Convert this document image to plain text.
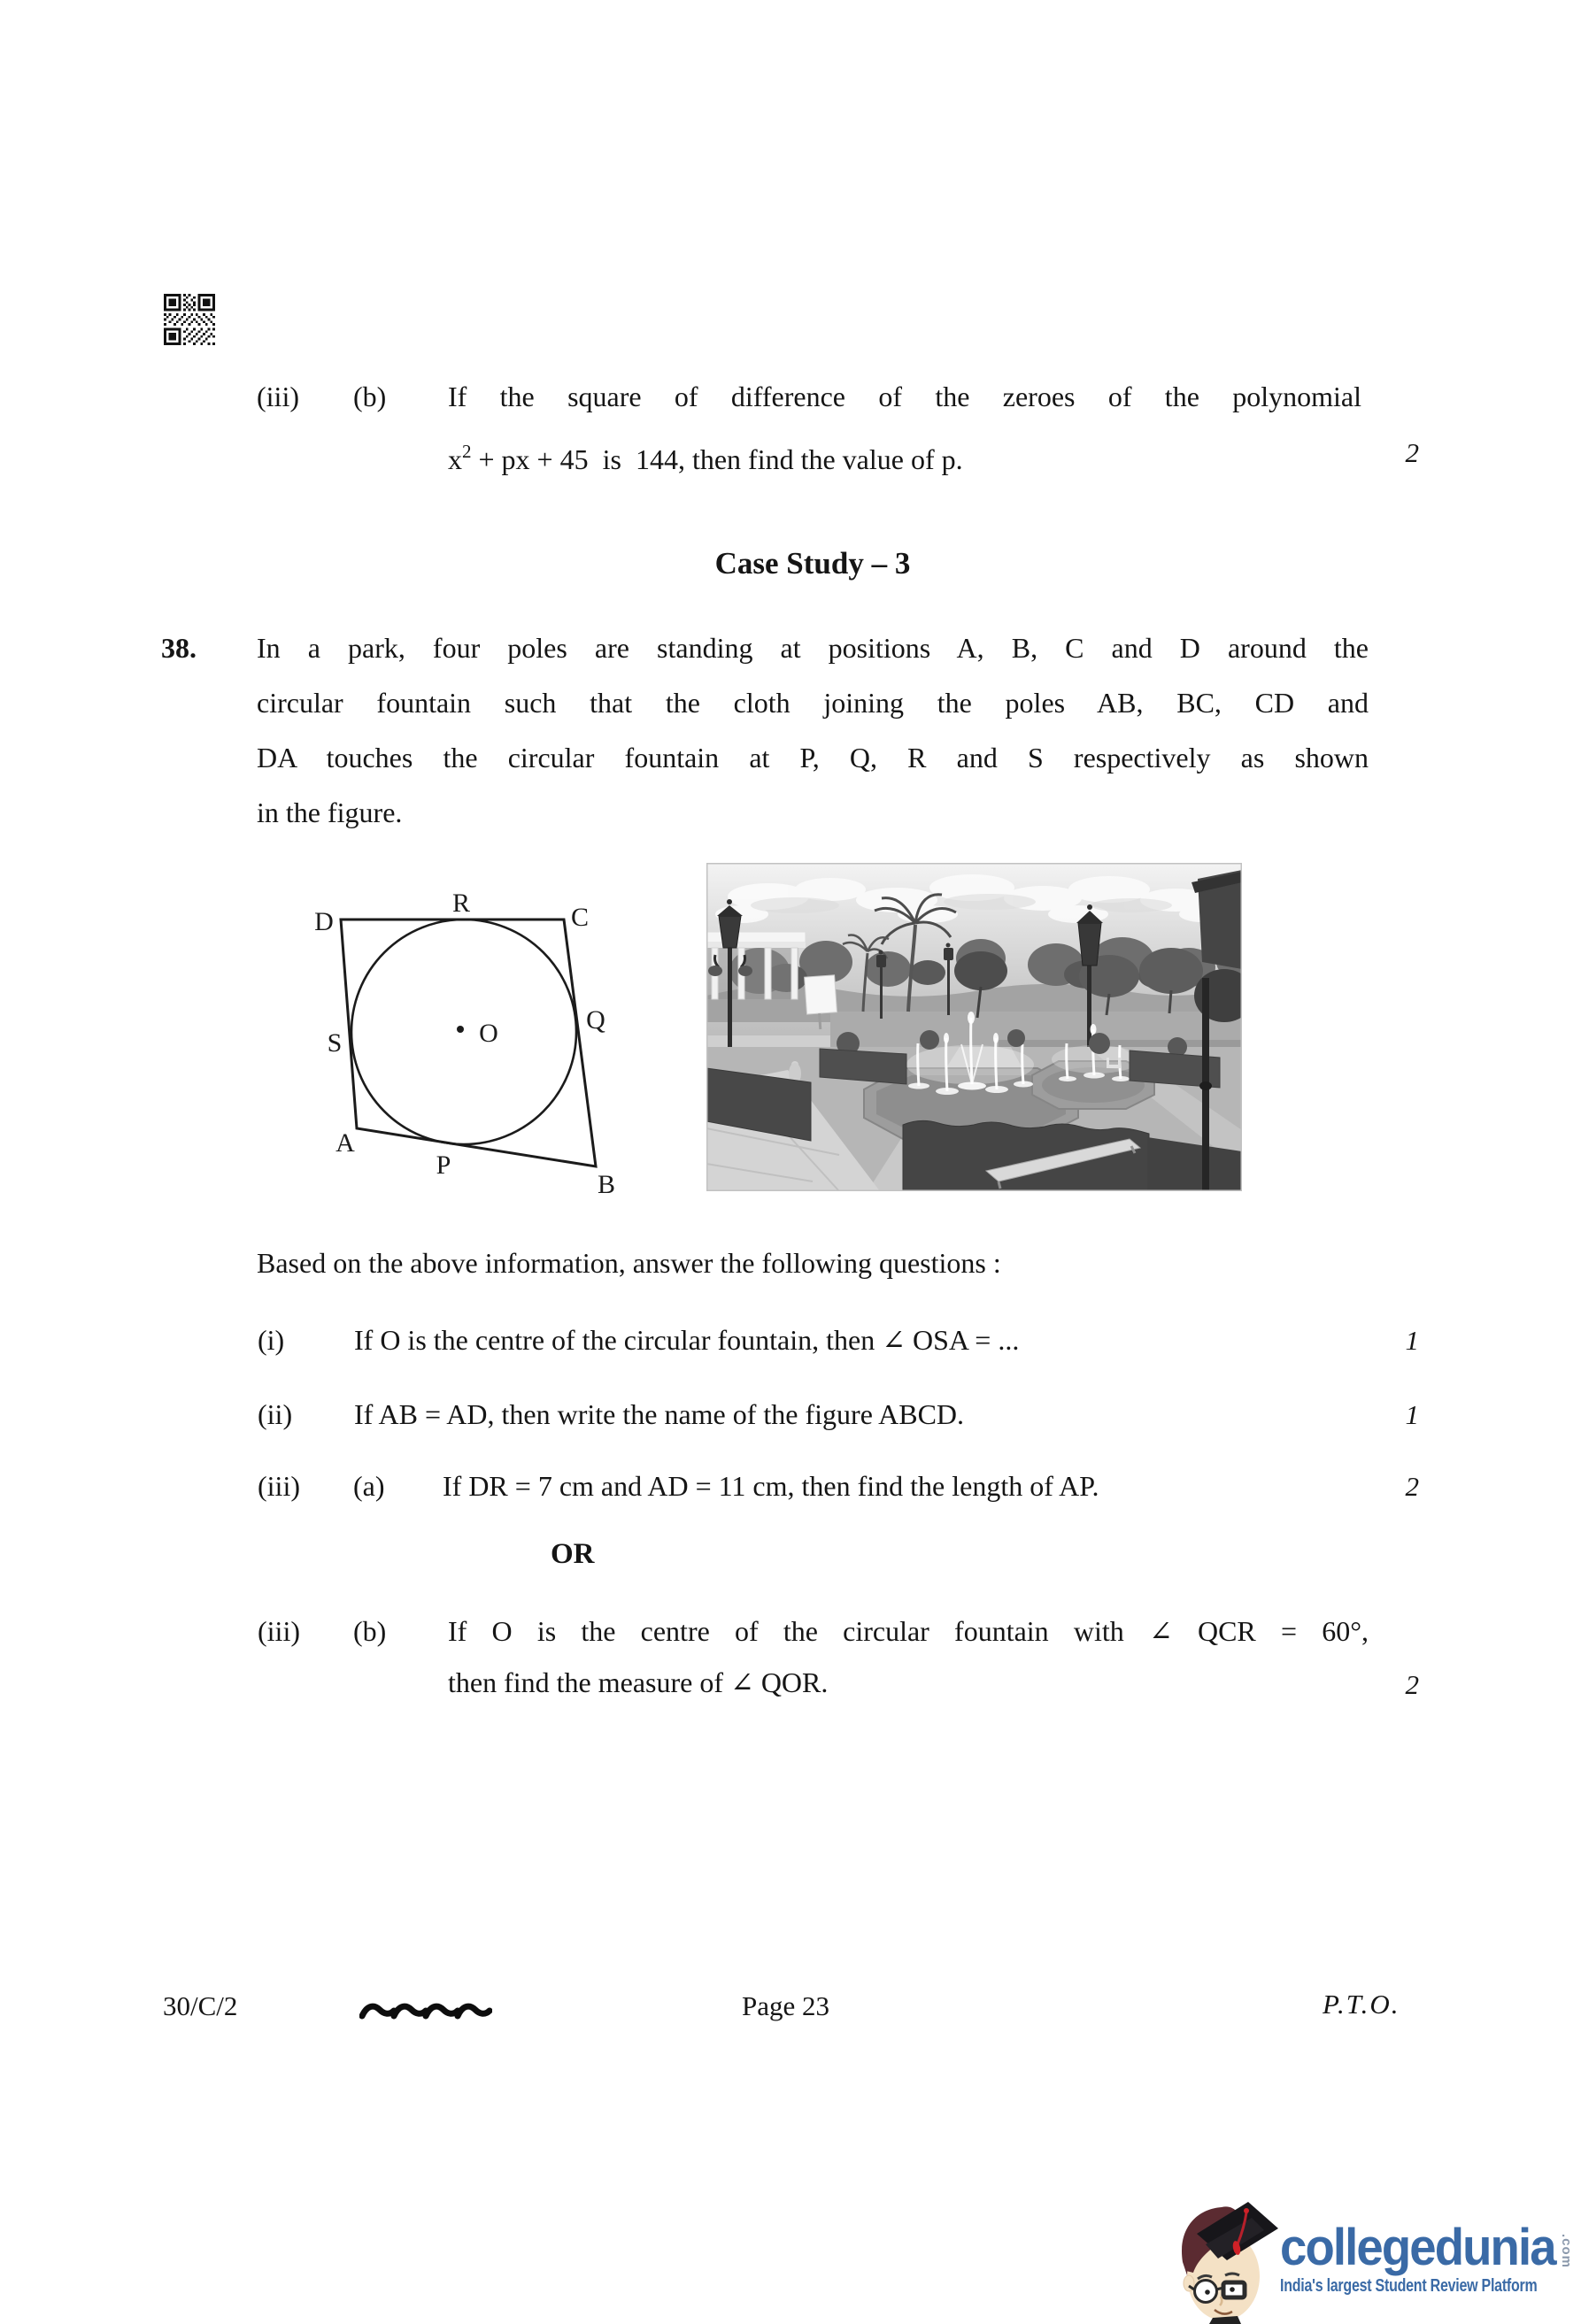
(iii) (b) If the square of difference of the zeroes of the polynomial
$x^2$ + px + 45  is  144, then find the value of p.	2
Case Study – 3
38. In a park, four poles are standing at positions A, B, C and D around the
circular fountain such that the cloth joining the poles AB, BC, CD and
DA touches the circular fountain at P, Q, R and S respectively as shown
in the figure.
D
R	C
Q
S	O
A
P
B
Based on the above information, answer the following questions :
(i) If O is the centre of the circular fountain, then ∠ OSA = ...	1
(ii) If AB = AD, then write the name of the figure ABCD.	1
(iii) (a) If DR = 7 cm and AD = 11 cm, then find the length of AP.	2
OR
(iii) (b) If O is the centre of the circular fountain with ∠ QCR = 60°,
then find the measure of ∠ QOR.	2
30/C/2	Page 23	P.T.O.
collegedunia .com
India's largest Student Review Platform
